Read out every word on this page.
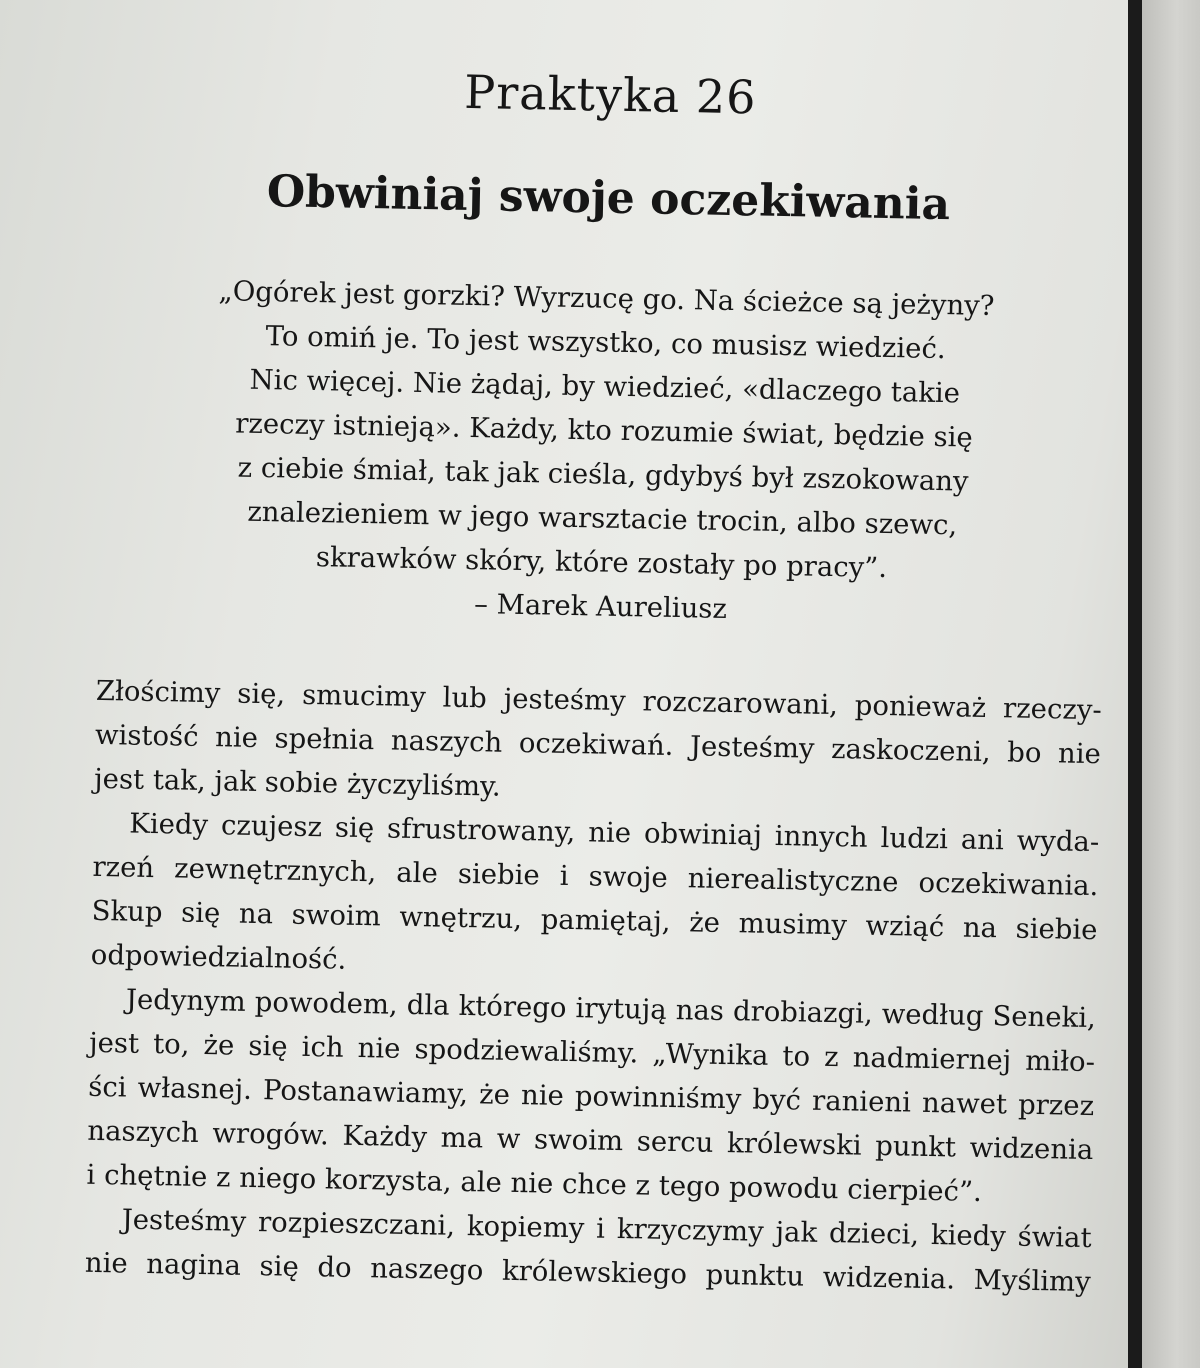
Praktyka 26
Obwiniaj swoje oczekiwania
„Ogórek jest gorzki? Wyrzucę go. Na ścieżce są jeżyny?
To omiń je. To jest wszystko, co musisz wiedzieć.
Nic więcej. Nie żądaj, by wiedzieć, «dlaczego takie
rzeczy istnieją». Każdy, kto rozumie świat, będzie się
z ciebie śmiał, tak jak cieśla, gdybyś był zszokowany
znalezieniem w jego warsztacie trocin, albo szewc,
skrawków skóry, które zostały po pracy”.
– Marek Aureliusz
Złościmy się, smucimy lub jesteśmy rozczarowani, ponieważ rzeczy-
wistość nie spełnia naszych oczekiwań. Jesteśmy zaskoczeni, bo nie
jest tak, jak sobie życzyliśmy.
Kiedy czujesz się sfrustrowany, nie obwiniaj innych ludzi ani wyda-
rzeń zewnętrznych, ale siebie i swoje nierealistyczne oczekiwania.
Skup się na swoim wnętrzu, pamiętaj, że musimy wziąć na siebie
odpowiedzialność.
Jedynym powodem, dla którego irytują nas drobiazgi, według Seneki,
jest to, że się ich nie spodziewaliśmy. „Wynika to z nadmiernej miło-
ści własnej. Postanawiamy, że nie powinniśmy być ranieni nawet przez
naszych wrogów. Każdy ma w swoim sercu królewski punkt widzenia
i chętnie z niego korzysta, ale nie chce z tego powodu cierpieć”.
Jesteśmy rozpieszczani, kopiemy i krzyczymy jak dzieci, kiedy świat
nie nagina się do naszego królewskiego punktu widzenia. Myślimy
